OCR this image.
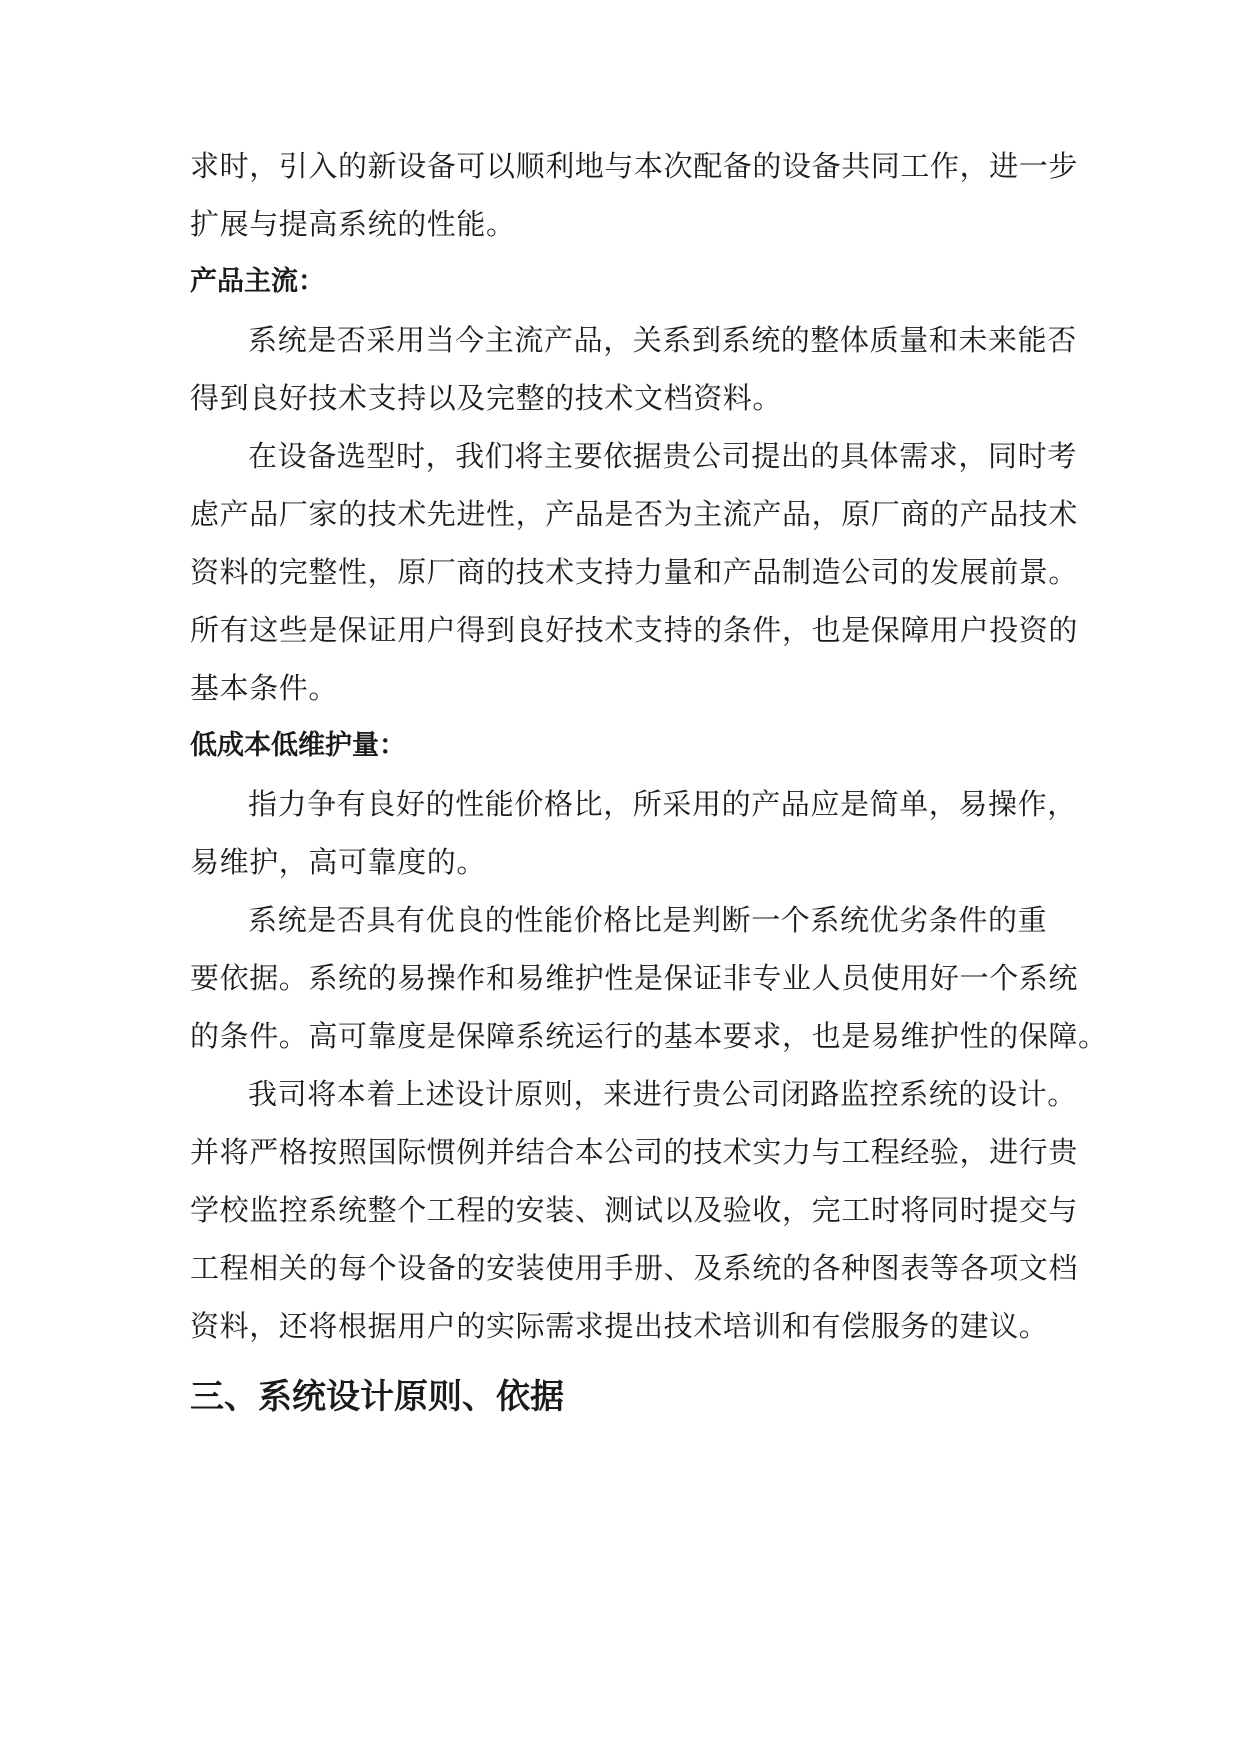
求时，引入的新设备可以顺利地与本次配备的设备共同工作，进一步
扩展与提高系统的性能。
产品主流：
系统是否采用当今主流产品，关系到系统的整体质量和未来能否
得到良好技术支持以及完整的技术文档资料。
在设备选型时，我们将主要依据贵公司提出的具体需求，同时考
虑产品厂家的技术先进性，产品是否为主流产品，原厂商的产品技术
资料的完整性，原厂商的技术支持力量和产品制造公司的发展前景。
所有这些是保证用户得到良好技术支持的条件，也是保障用户投资的
基本条件。
低成本低维护量：
指力争有良好的性能价格比，所采用的产品应是简单，易操作，
易维护，高可靠度的。
系统是否具有优良的性能价格比是判断一个系统优劣条件的重
要依据。系统的易操作和易维护性是保证非专业人员使用好一个系统
的条件。高可靠度是保障系统运行的基本要求，也是易维护性的保障。
我司将本着上述设计原则，来进行贵公司闭路监控系统的设计。
并将严格按照国际惯例并结合本公司的技术实力与工程经验，进行贵
学校监控系统整个工程的安装、测试以及验收，完工时将同时提交与
工程相关的每个设备的安装使用手册、及系统的各种图表等各项文档
资料，还将根据用户的实际需求提出技术培训和有偿服务的建议。
三、系统设计原则、依据
